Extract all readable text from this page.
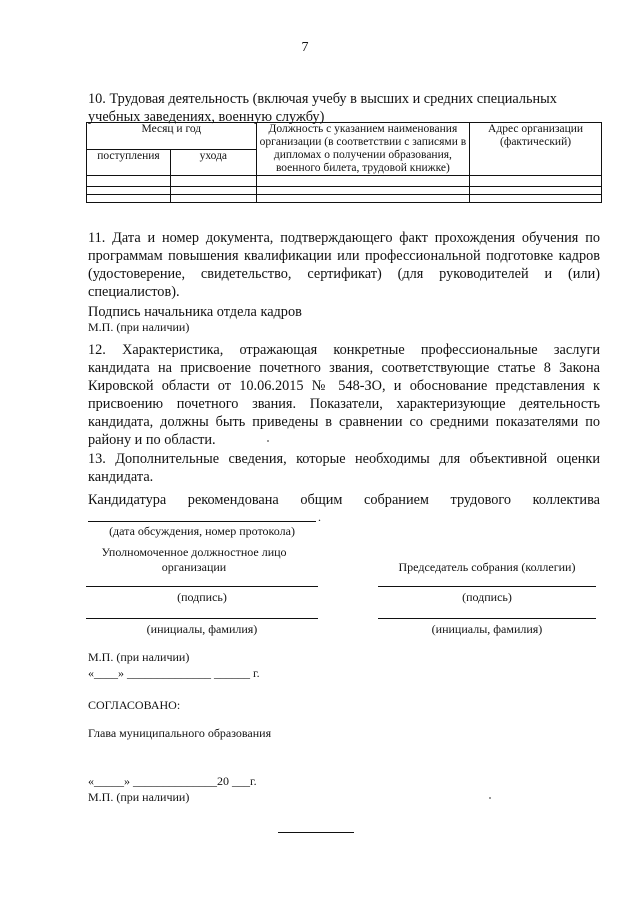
7
10. Трудовая деятельность (включая учебу в высших и средних специальных
учебных заведениях, военную службу)
Месяц и год		Должность с указанием наименования организации (в соответствии с записями в дипломах о получении образования, военного билета, трудовой книжке)	Адрес организации (фактический)
поступления	ухода		

11. Дата и номер документа, подтверждающего факт прохождения обучения по программам повышения квалификации или профессиональной подготовке кадров (удостоверение, свидетельство, сертификат) (для руководителей и (или) специалистов).
Подпись начальника отдела кадров
М.П. (при наличии)
12. Характеристика, отражающая конкретные профессиональные заслуги кандидата на присвоение почетного звания, соответствующие статье 8 Закона Кировской области от 10.06.2015 № 548-ЗО, и обоснование представления к присвоению почетного звания. Показатели, характеризующие деятельность кандидата, должны быть приведены в сравнении со средними показателями по району и по области.
13. Дополнительные сведения, которые необходимы для объективной оценки кандидата.
Кандидатура рекомендована общим собранием трудового коллектива
.
(дата обсуждения, номер протокола)
Уполномоченное должностное лицо
организации
(подпись)
(инициалы, фамилия)
Председатель собрания (коллегии)
(подпись)
(инициалы, фамилия)
М.П. (при наличии)
«____» ______________ ______ г.
СОГЛАСОВАНО:
Глава муниципального образования
«_____» ______________20 ___г.
М.П. (при наличии)
